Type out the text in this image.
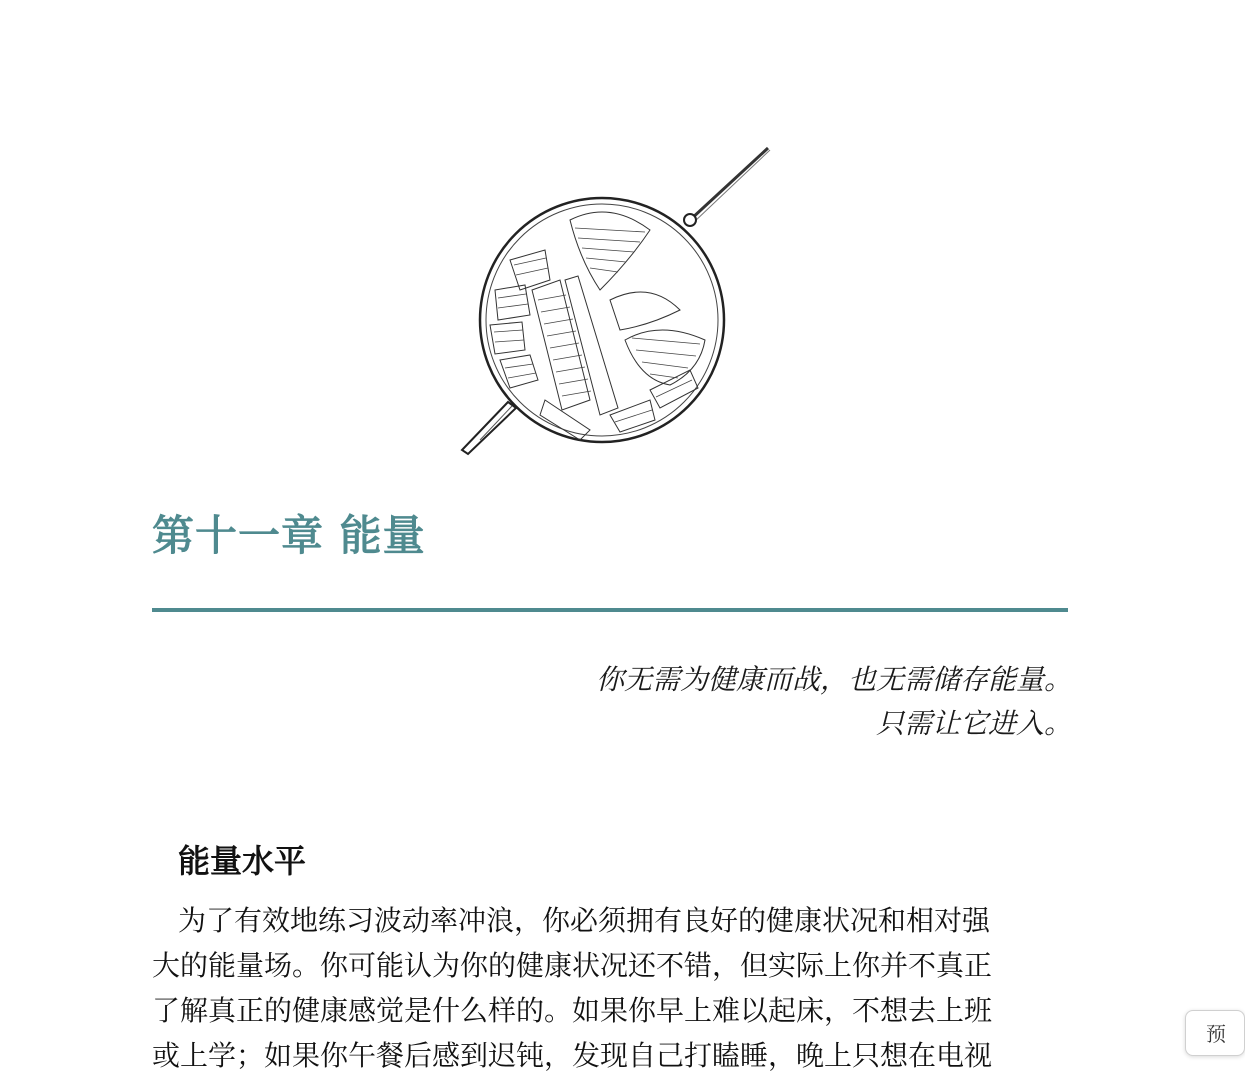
第十一章 能量
你无需为健康而战，也无需储存能量。
只需让它进入。
能量水平
为了有效地练习波动率冲浪，你必须拥有良好的健康状况和相对强
大的能量场。你可能认为你的健康状况还不错，但实际上你并不真正
了解真正的健康感觉是什么样的。如果你早上难以起床，不想去上班
或上学；如果你午餐后感到迟钝，发现自己打瞌睡，晚上只想在电视
预
